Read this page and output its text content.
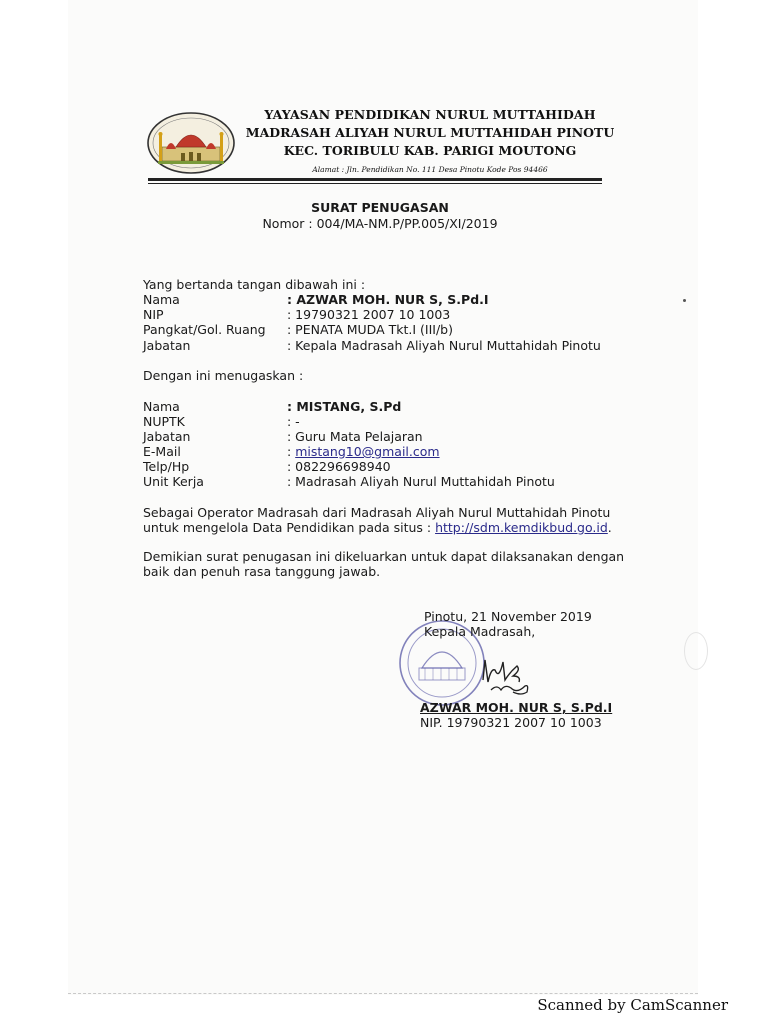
YAYASAN PENDIDIKAN NURUL MUTTAHIDAH
MADRASAH ALIYAH NURUL MUTTAHIDAH PINOTU
KEC. TORIBULU KAB. PARIGI MOUTONG
Alamat : Jln. Pendidikan No. 111 Desa Pinotu Kode Pos 94466
SURAT PENUGASAN
Nomor : 004/MA-NM.P/PP.005/XI/2019
Yang bertanda tangan dibawah ini :
Nama	: AZWAR MOH. NUR S, S.Pd.I
NIP	: 19790321 2007 10 1003
Pangkat/Gol. Ruang : PENATA MUDA Tkt.I (III/b)
Jabatan	: Kepala Madrasah Aliyah Nurul Muttahidah Pinotu
Dengan ini menugaskan :
Nama	: MISTANG, S.Pd
NUPTK	: -
Jabatan	: Guru Mata Pelajaran
E-Mail	: mistang10@gmail.com
Telp/Hp	: 082296698940
Unit Kerja	: Madrasah Aliyah Nurul Muttahidah Pinotu
Sebagai Operator Madrasah dari Madrasah Aliyah Nurul Muttahidah Pinotu
untuk mengelola Data Pendidikan pada situs : http://sdm.kemdikbud.go.id.
Demikian surat penugasan ini dikeluarkan untuk dapat dilaksanakan dengan
baik dan penuh rasa tanggung jawab.
Pinotu, 21 November 2019
Kepala Madrasah,
AZWAR MOH. NUR S, S.Pd.I
NIP. 19790321 2007 10 1003
Scanned by CamScanner
